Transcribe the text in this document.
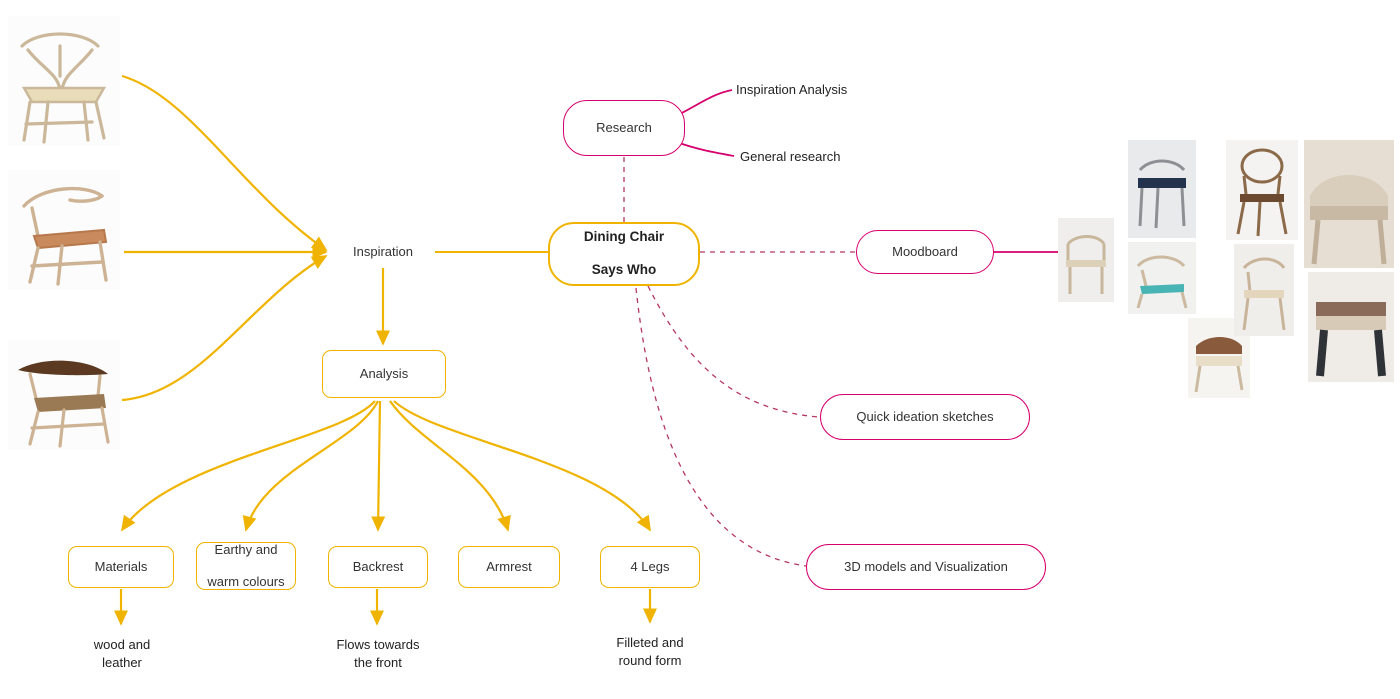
Inspiration
Dining Chair

Says Who
Research
Inspiration Analysis
General research
Moodboard
Quick ideation sketches
3D models and Visualization
Analysis
Materials
Earthy and

warm colours
Backrest	Armrest	4 Legs
wood and
leather
Flows towards
the front
Filleted and
round form
